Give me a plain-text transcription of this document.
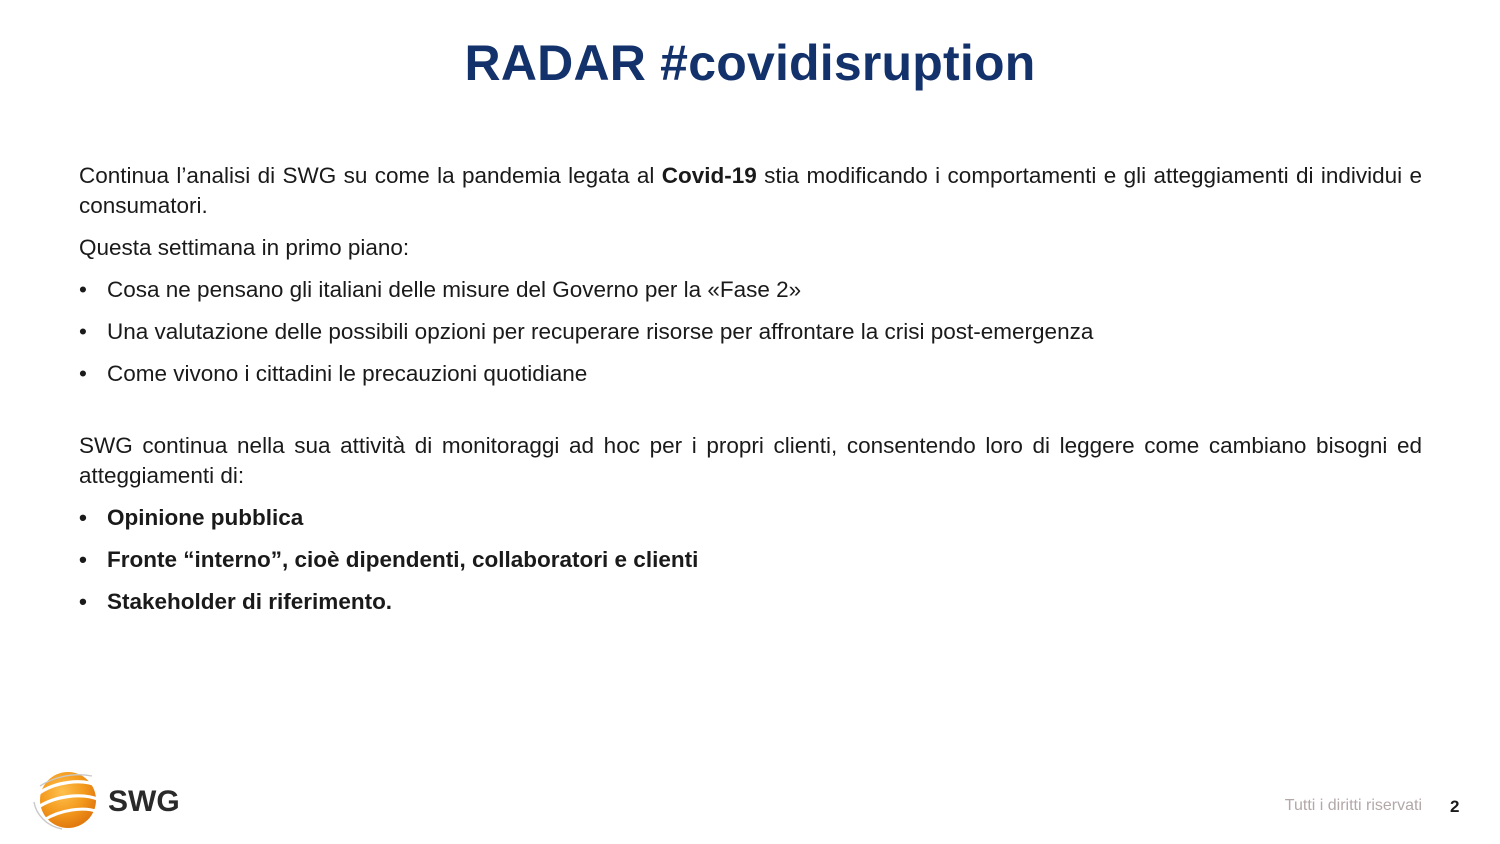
RADAR #covidisruption

Continua l’analisi di SWG su come la pandemia legata al Covid-19 stia modificando i comportamenti e gli atteggiamenti di individui e consumatori.

Questa settimana in primo piano:

• Cosa ne pensano gli italiani delle misure del Governo per la «Fase 2»
• Una valutazione delle possibili opzioni per recuperare risorse per affrontare la crisi post-emergenza
• Come vivono i cittadini le precauzioni quotidiane

SWG continua nella sua attività di monitoraggi ad hoc per i propri clienti, consentendo loro di leggere come cambiano bisogni ed atteggiamenti di:

• Opinione pubblica
• Fronte “interno”, cioè dipendenti, collaboratori e clienti
• Stakeholder di riferimento.
SWG	Tutti i diritti riservati 2
